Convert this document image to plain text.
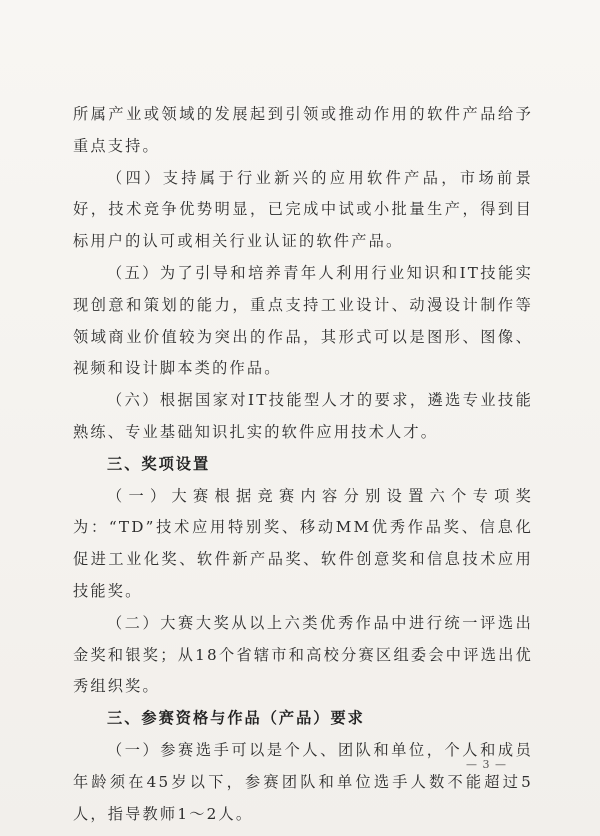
所属产业或领域的发展起到引领或推动作用的软件产品给予重点支持。

（四）支持属于行业新兴的应用软件产品，市场前景好，技术竞争优势明显，已完成中试或小批量生产，得到目标用户的认可或相关行业认证的软件产品。

（五）为了引导和培养青年人利用行业知识和IT技能实现创意和策划的能力，重点支持工业设计、动漫设计制作等领域商业价值较为突出的作品，其形式可以是图形、图像、视频和设计脚本类的作品。

（六）根据国家对IT技能型人才的要求，遴选专业技能熟练、专业基础知识扎实的软件应用技术人才。

三、奖项设置

（一）大赛根据竞赛内容分别设置六个专项奖为：“TD”技术应用特别奖、移动MM优秀作品奖、信息化促进工业化奖、软件新产品奖、软件创意奖和信息技术应用技能奖。

（二）大赛大奖从以上六类优秀作品中进行统一评选出金奖和银奖；从18个省辖市和高校分赛区组委会中评选出优秀组织奖。

三、参赛资格与作品（产品）要求

（一）参赛选手可以是个人、团队和单位，个人和成员年龄须在45岁以下，参赛团队和单位选手人数不能超过5人，指导教师1～2人。

— 3 —
